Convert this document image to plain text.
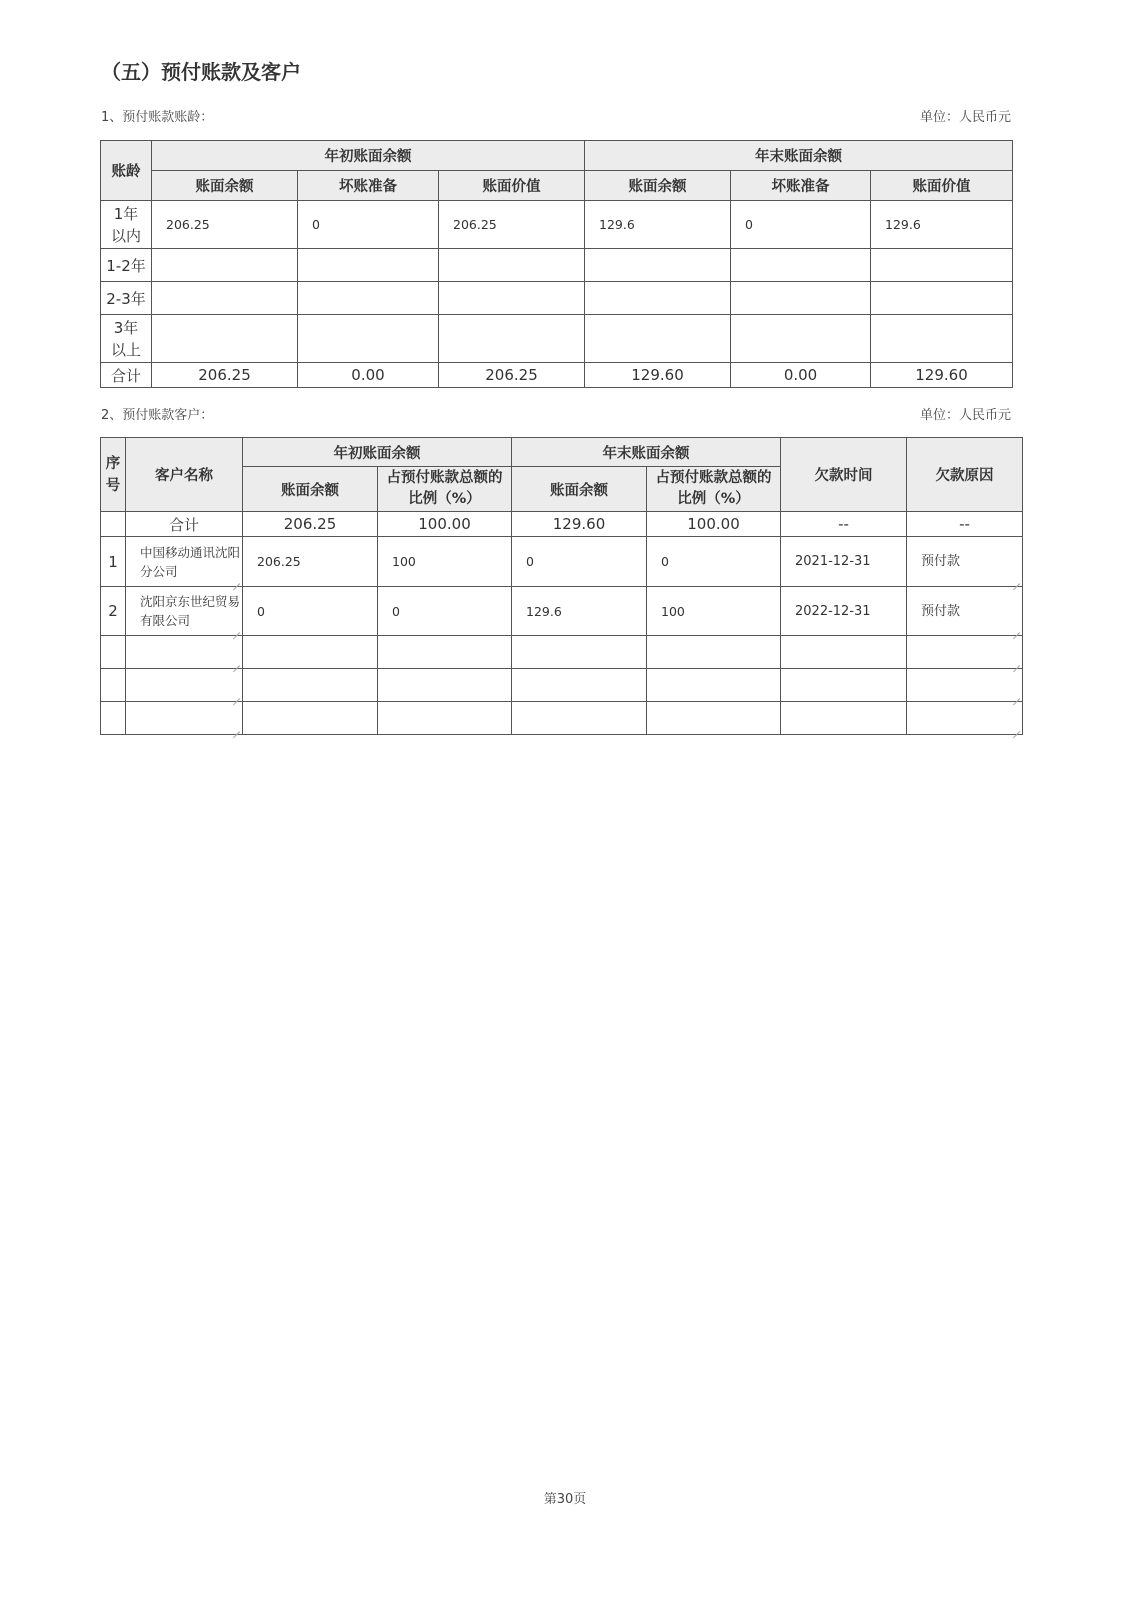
（五）预付账款及客户
1、预付账款账龄：	单位：人民币元
账龄	年初账面余额			年末账面余额		
	账面余额	坏账准备	账面价值	账面余额	坏账准备	账面价值
1年以内	206.25	0	206.25	129.6	0	129.6
1-2年						
2-3年						
3年以上						
合计	206.25	0.00	206.25	129.60	0.00	129.60
2、预付账款客户：	单位：人民币元
序号	客户名称	年初账面余额		年末账面余额		欠款时间	欠款原因
		账面余额	占预付账款总额的比例（%）	账面余额	占预付账款总额的比例（%）		
	合计	206.25	100.00	129.60	100.00	--	--
1	中国移动通讯沈阳分公司	206.25	100	0	0	2021-12-31	预付款

2	沈阳京东世纪贸易有限公司	0	0	129.6	100	2022-12-31	预付款

第30页
